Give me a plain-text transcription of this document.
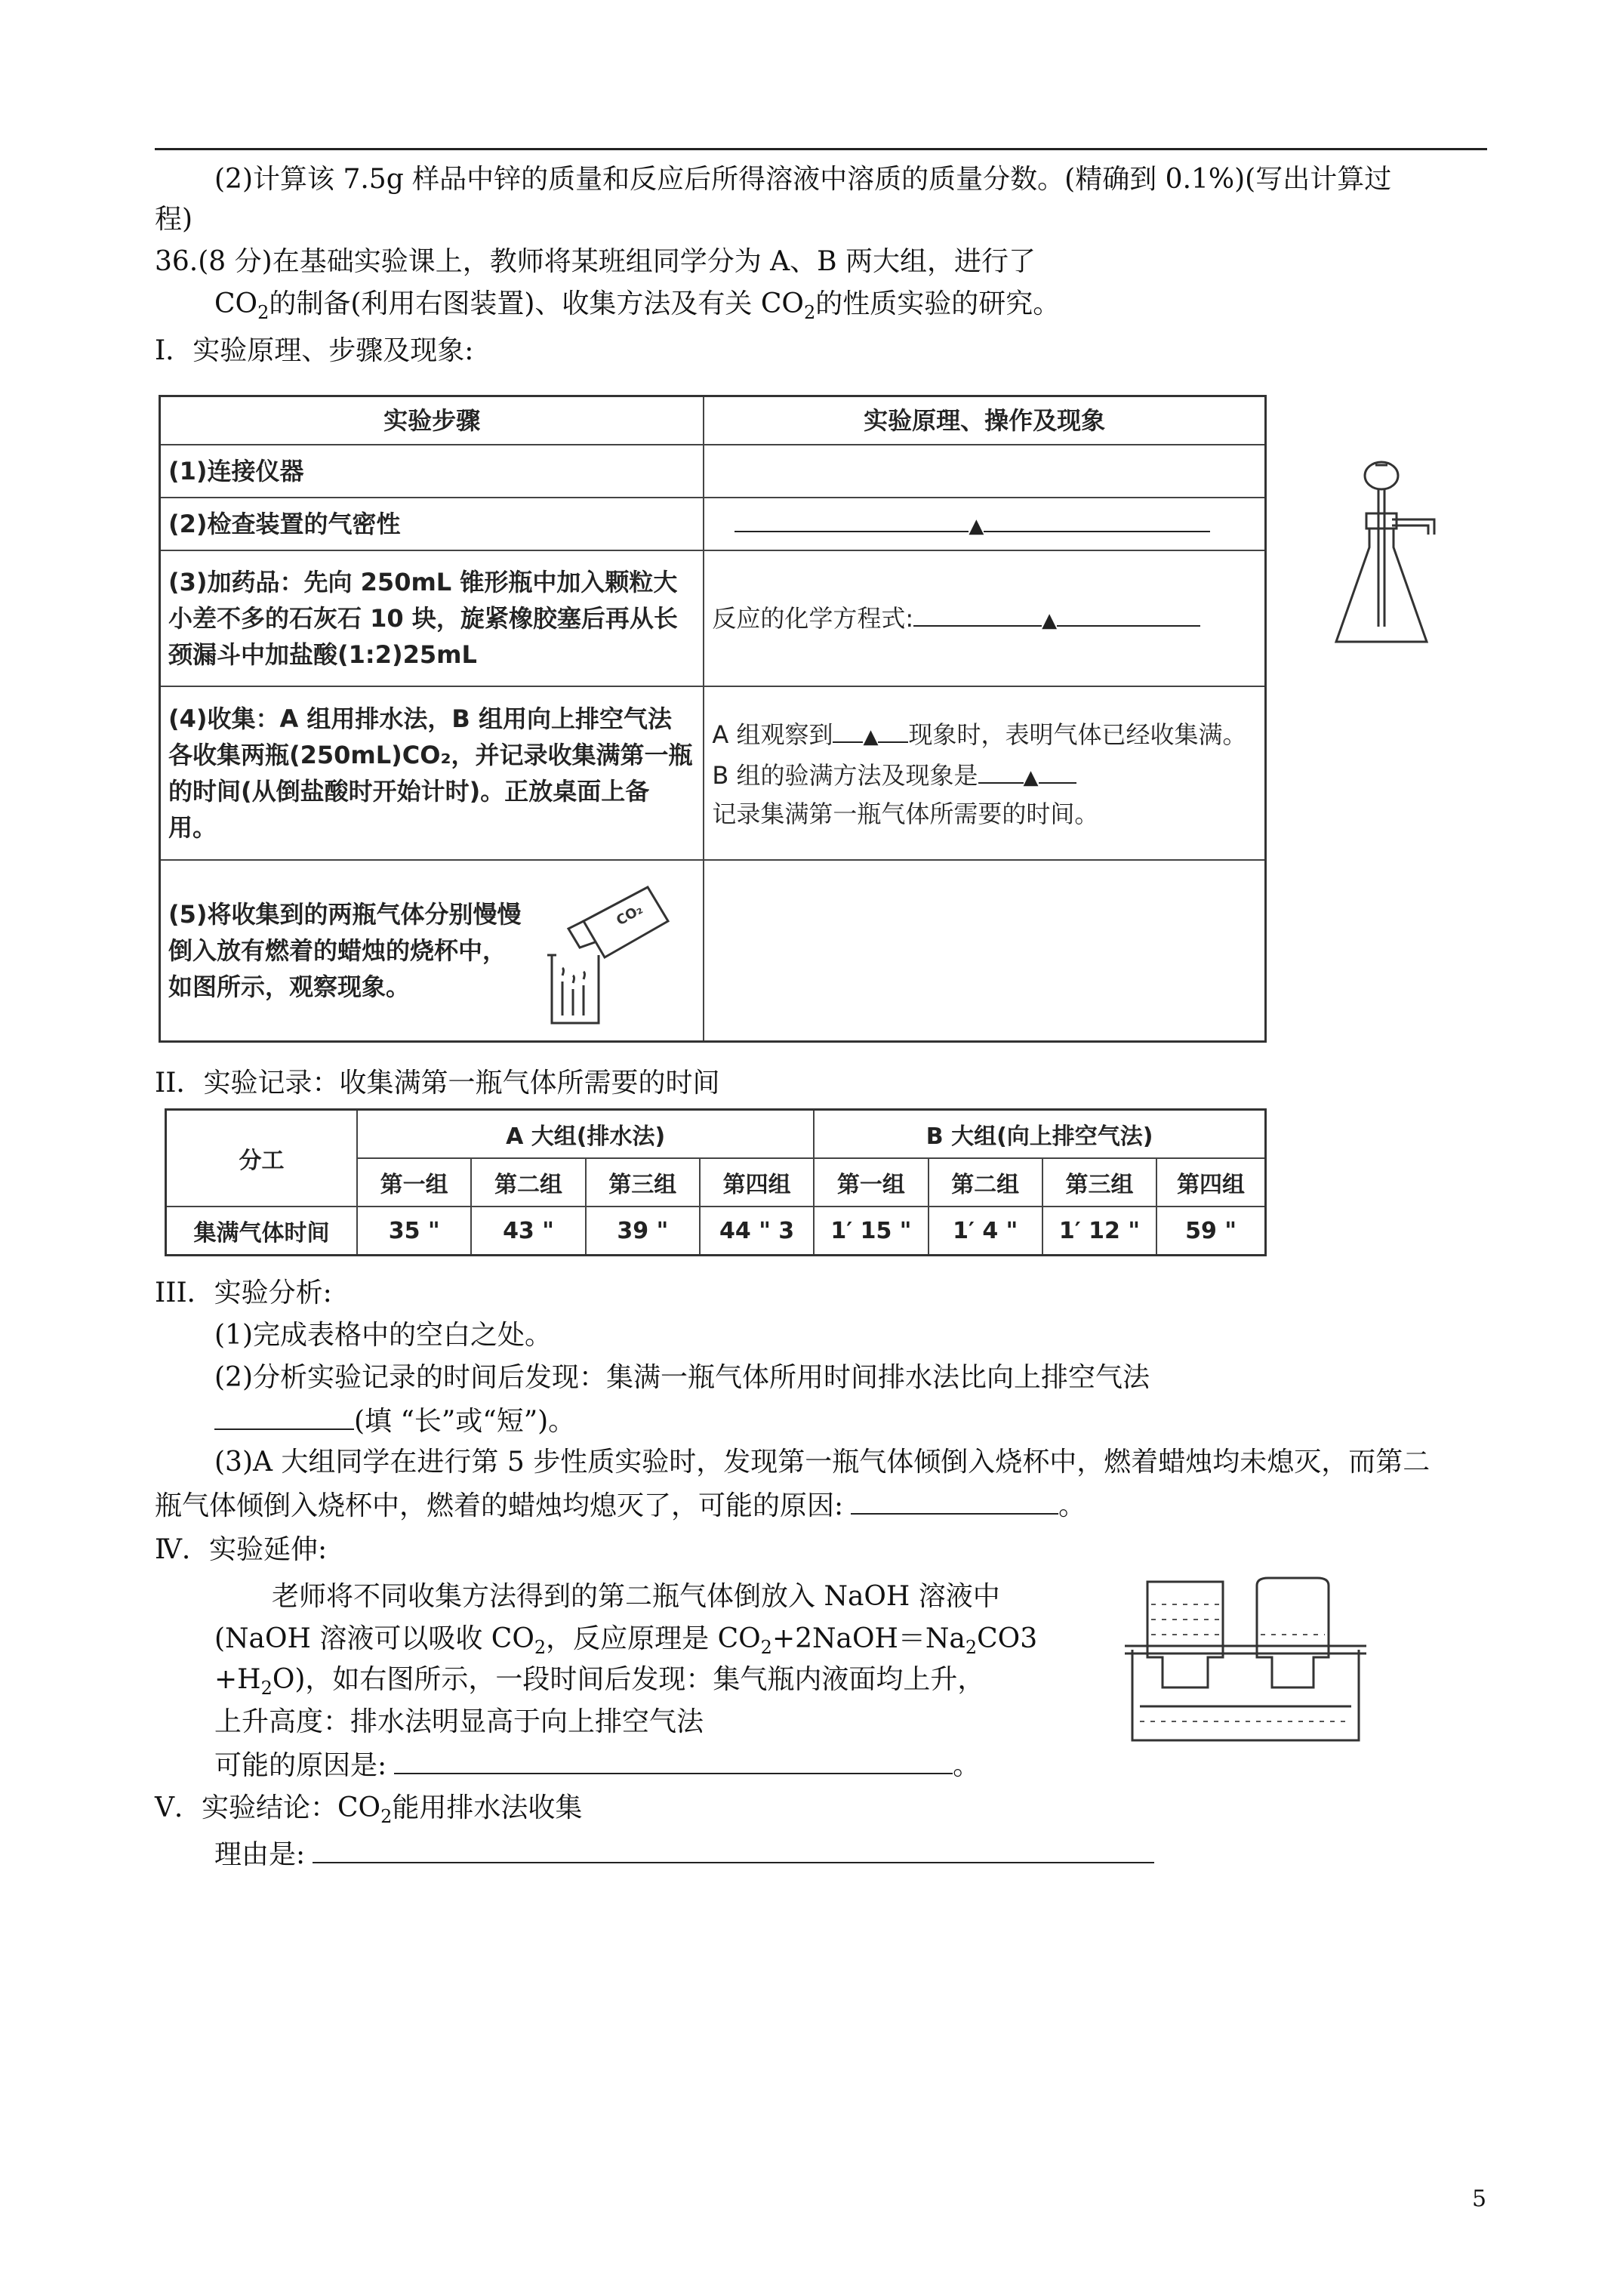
(2)计算该 7.5g 样品中锌的质量和反应后所得溶液中溶质的质量分数。(精确到 0.1%)(写出计算过
程)
36.(8 分)在基础实验课上，教师将某班组同学分为 A、B 两大组，进行了
$CO_2$的制备(利用右图装置)、收集方法及有关 $CO_2$的性质实验的研究。
I．实验原理、步骤及现象:
实验步骤	实验原理、操作及现象
(1)连接仪器	
(2)检查装置的气密性	▲
(3)加药品：先向 250mL 锥形瓶中加入颗粒大小差不多的石灰石 10 块，旋紧橡胶塞后再从长颈漏斗中加盐酸(1:2)25mL	反应的化学方程式: ▲
(4)收集：A 组用排水法，B 组用向上排空气法各收集两瓶(250mL)CO₂，并记录收集满第一瓶的时间(从倒盐酸时开始计时)。正放桌面上备用。	A 组观察到 ▲ 现象时，表明气体已经收集满。B 组的验满方法及现象是 ▲
记录集满第一瓶气体所需要的时间。

(5)将收集到的两瓶气体分别慢慢倒入放有燃着的蜡烛的烧杯中，如图所示，观察现象。
CO₂	

II．实验记录：收集满第一瓶气体所需要的时间
分工	A 大组(排水法)				B 大组(向上排空气法)			
	第一组	第二组	第三组	第四组	第一组	第二组	第三组	第四组
集满气体时间	35 "	43 "	39 "	44 " 3	1′ 15 "	1′ 4 "	1′ 12 "	59 "
III．实验分析:
(1)完成表格中的空白之处。
(2)分析实验记录的时间后发现：集满一瓶气体所用时间排水法比向上排空气法
(填 “长”或“短”)。
(3)A 大组同学在进行第 5 步性质实验时，发现第一瓶气体倾倒入烧杯中，燃着蜡烛均未熄灭，而第二
瓶气体倾倒入烧杯中，燃着的蜡烛均熄灭了，可能的原因:	。
Ⅳ．实验延伸:
老师将不同收集方法得到的第二瓶气体倒放入 NaOH 溶液中
(NaOH 溶液可以吸收 $CO_2$，反应原理是 $CO_2+2NaOH=Na_2CO3$
$+H_2O$)，如右图所示，一段时间后发现：集气瓶内液面均上升，
上升高度：排水法明显高于向上排空气法
可能的原因是:	。
V．实验结论：$CO_2$能用排水法收集
理由是:
5
